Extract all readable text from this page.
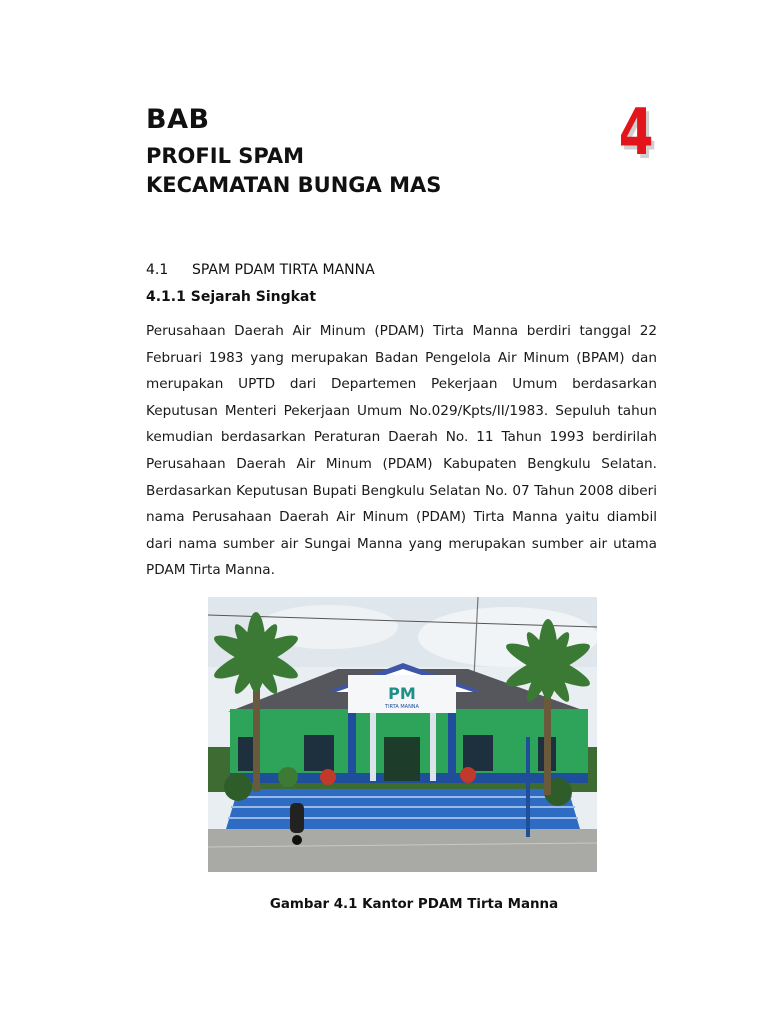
BAB
PROFIL SPAM
KECAMATAN BUNGA MAS
4
4.1 SPAM PDAM TIRTA MANNA
4.1.1 Sejarah Singkat
Perusahaan Daerah Air Minum (PDAM) Tirta Manna berdiri tanggal 22 Februari 1983 yang merupakan Badan Pengelola Air Minum (BPAM) dan merupakan UPTD dari Departemen Pekerjaan Umum berdasarkan Keputusan Menteri Pekerjaan Umum No.029/Kpts/II/1983. Sepuluh tahun kemudian berdasarkan Peraturan Daerah No. 11 Tahun 1993 berdirilah Perusahaan Daerah Air Minum (PDAM) Kabupaten Bengkulu Selatan. Berdasarkan Keputusan Bupati Bengkulu Selatan No. 07 Tahun 2008 diberi nama Perusahaan Daerah Air Minum (PDAM) Tirta Manna yaitu diambil dari nama sumber air Sungai Manna yang merupakan sumber air utama PDAM Tirta Manna.
PM
TIRTA MANNA
Gambar 4.1 Kantor PDAM Tirta Manna
